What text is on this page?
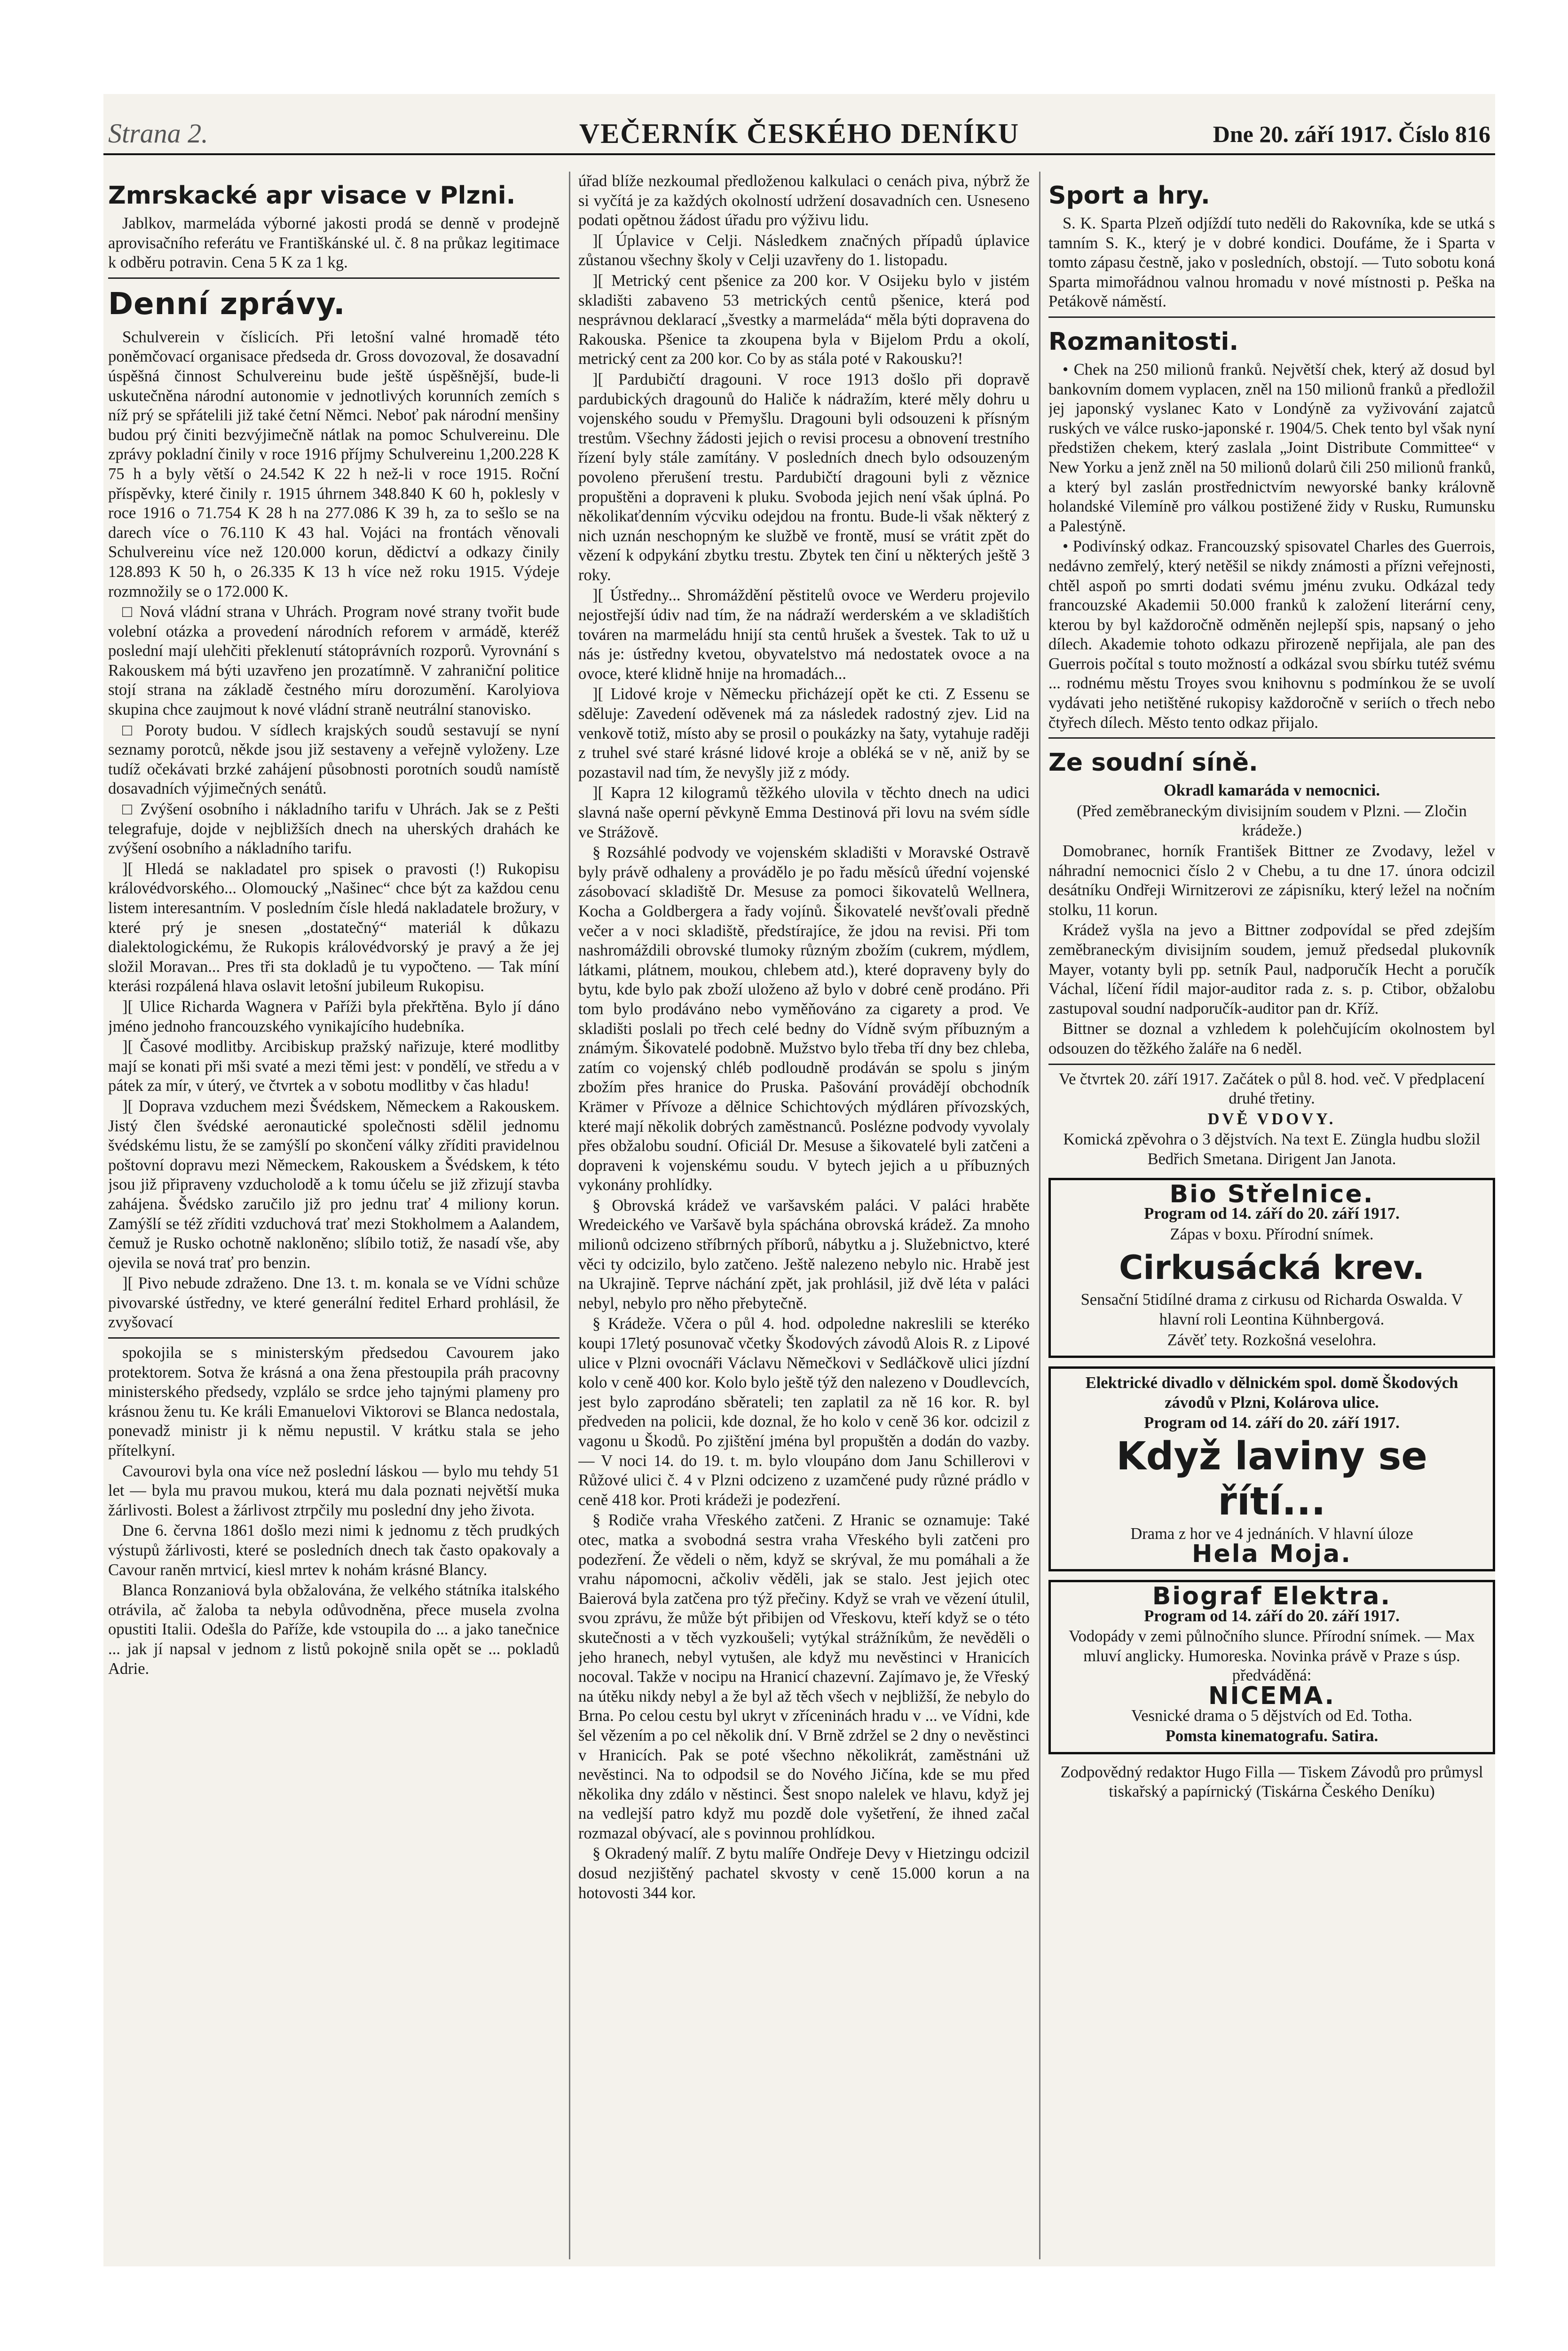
Strana 2.	VEČERNÍK ČESKÉHO DENÍKU	Dne 20. září 1917. Číslo 816
Zmrskacké apr visace v Plzni.

Jablkov, marmeláda výborné jakosti prodá se denně v prodejně aprovisačního referátu ve Františkánské ul. č. 8 na průkaz legitimace k odběru potravin. Cena 5 K za 1 kg.

Denní zprávy.

Schulverein v číslicích. Při letošní valné hromadě této poněmčovací organisace předseda dr. Gross dovozoval, že dosavadní úspěšná činnost Schulvereinu bude ještě úspěšnější, bude-li uskutečněna národní autonomie v jednotlivých korunních zemích s níž prý se spřátelili již také četní Němci. Neboť pak národní menšiny budou prý činiti bezvýjimečně nátlak na pomoc Schulvereinu. Dle zprávy pokladní činily v roce 1916 příjmy Schulvereinu 1,200.228 K 75 h a byly větší o 24.542 K 22 h než-li v roce 1915. Roční příspěvky, které činily r. 1915 úhrnem 348.840 K 60 h, poklesly v roce 1916 o 71.754 K 28 h na 277.086 K 39 h, za to sešlo se na darech více o 76.110 K 43 hal. Vojáci na frontách věnovali Schulvereinu více než 120.000 korun, dědictví a odkazy činily 128.893 K 50 h, o 26.335 K 13 h více než roku 1915. Výdeje rozmnožily se o 172.000 K.

□ Nová vládní strana v Uhrách. Program nové strany tvořit bude volební otázka a provedení národních reforem v armádě, kteréž poslední mají ulehčiti překlenutí státoprávních rozporů. Vyrovnání s Rakouskem má býti uzavřeno jen prozatímně. V zahraniční politice stojí strana na základě čestného míru dorozumění. Karolyiova skupina chce zaujmout k nové vládní straně neutrální stanovisko.

□ Poroty budou. V sídlech krajských soudů sestavují se nyní seznamy porotců, někde jsou již sestaveny a veřejně vyloženy. Lze tudíž očekávati brzké zahájení působnosti porotních soudů namístě dosavadních výjimečných senátů.

□ Zvýšení osobního i nákladního tarifu v Uhrách. Jak se z Pešti telegrafuje, dojde v nejbližších dnech na uherských drahách ke zvýšení osobního a nákladního tarifu.

][ Hledá se nakladatel pro spisek o pravosti (!) Rukopisu královédvorského... Olomoucký „Našinec“ chce být za každou cenu listem interesantním. V posledním čísle hledá nakladatele brožury, v které prý je snesen „dostatečný“ materiál k důkazu dialektologickému, že Rukopis královédvorský je pravý a že jej složil Moravan... Pres tři sta dokladů je tu vypočteno. — Tak míní kterási rozpálená hlava oslavit letošní jubileum Rukopisu.

][ Ulice Richarda Wagnera v Paříži byla překřtěna. Bylo jí dáno jméno jednoho francouzského vynikajícího hudebníka.

][ Časové modlitby. Arcibiskup pražský nařizuje, které modlitby mají se konati při mši svaté a mezi těmi jest: v pondělí, ve středu a v pátek za mír, v úterý, ve čtvrtek a v sobotu modlitby v čas hladu!

][ Doprava vzduchem mezi Švédskem, Německem a Rakouskem. Jistý člen švédské aeronautické společnosti sdělil jednomu švédskému listu, že se zamýšlí po skončení války zříditi pravidelnou poštovní dopravu mezi Německem, Rakouskem a Švédskem, k této jsou již připraveny vzducholodě a k tomu účelu se již zřizují stavba zahájena. Švédsko zaručilo již pro jednu trať 4 miliony korun. Zamýšlí se též zříditi vzduchová trať mezi Stokholmem a Aalandem, čemuž je Rusko ochotně nakloněno; slíbilo totiž, že nasadí vše, aby ojevila se nová trať pro benzin.

][ Pivo nebude zdraženo. Dne 13. t. m. konala se ve Vídni schůze pivovarské ústředny, ve které generální ředitel Erhard prohlásil, že zvyšovací

spokojila se s ministerským předsedou Cavourem jako protektorem. Sotva že krásná a ona žena přestoupila práh pracovny ministerského předsedy, vzplálo se srdce jeho tajnými plameny pro krásnou ženu tu. Ke králi Emanuelovi Viktorovi se Blanca nedostala, ponevadž ministr ji k němu nepustil. V krátku stala se jeho přítelkyní.

Cavourovi byla ona více než poslední láskou — bylo mu tehdy 51 let — byla mu pravou mukou, která mu dala poznati největší muka žárlivosti. Bolest a žárlivost ztrpčily mu poslední dny jeho života.

Dne 6. června 1861 došlo mezi nimi k jednomu z těch prudkých výstupů žárlivosti, které se posledních dnech tak často opakovaly a Cavour raněn mrtvicí, kiesl mrtev k nohám krásné Blancy.

Blanca Ronzaniová byla obžalována, že velkého státníka italského otrávila, ač žaloba ta nebyla odůvodněna, přece musela zvolna opustiti Italii. Odešla do Paříže, kde vstoupila do ... a jako tanečnice ... jak jí napsal v jednom z listů pokojně snila opět se ... pokladů Adrie.

úřad blíže nezkoumal předloženou kalkulaci o cenách piva, nýbrž že si vyčítá je za každých okolností udržení dosavadních cen. Usneseno podati opětnou žádost úřadu pro výživu lidu.

][ Úplavice v Celji. Následkem značných případů úplavice zůstanou všechny školy v Celji uzavřeny do 1. listopadu.

][ Metrický cent pšenice za 200 kor. V Osijeku bylo v jistém skladišti zabaveno 53 metrických centů pšenice, která pod nesprávnou deklarací „švestky a marmeláda“ měla býti dopravena do Rakouska. Pšenice ta zkoupena byla v Bijelom Prdu a okolí, metrický cent za 200 kor. Co by as stála poté v Rakousku?!

][ Pardubičtí dragouni. V roce 1913 došlo při dopravě pardubických dragounů do Haliče k nádražím, které měly dohru u vojenského soudu v Přemyšlu. Dragouni byli odsouzeni k přísným trestům. Všechny žádosti jejich o revisi procesu a obnovení trestního řízení byly stále zamítány. V posledních dnech bylo odsouzeným povoleno přerušení trestu. Pardubičtí dragouni byli z věznice propuštěni a dopraveni k pluku. Svoboda jejich není však úplná. Po několikaťdenním výcviku odejdou na frontu. Bude-li však některý z nich uznán neschopným ke službě ve frontě, musí se vrátit zpět do vězení k odpykání zbytku trestu. Zbytek ten činí u některých ještě 3 roky.

][ Ústředny... Shromáždění pěstitelů ovoce ve Werderu projevilo nejostřejší údiv nad tím, že na nádraží werderském a ve skladištích továren na marmeládu hnijí sta centů hrušek a švestek. Tak to už u nás je: ústředny kvetou, obyvatelstvo má nedostatek ovoce a na ovoce, které klidně hnije na hromadách...

][ Lidové kroje v Německu přicházejí opět ke cti. Z Essenu se sděluje: Zavedení oděvenek má za následek radostný zjev. Lid na venkově totiž, místo aby se prosil o poukázky na šaty, vytahuje raději z truhel své staré krásné lidové kroje a obléká se v ně, aniž by se pozastavil nad tím, že nevyšly již z módy.

][ Kapra 12 kilogramů těžkého ulovila v těchto dnech na udici slavná naše operní pěvkyně Emma Destinová při lovu na svém sídle ve Strážově.

§ Rozsáhlé podvody ve vojenském skladišti v Moravské Ostravě byly právě odhaleny a provádělo je po řadu měsíců úřední vojenské zásobovací skladiště Dr. Mesuse za pomoci šikovatelů Wellnera, Kocha a Goldbergera a řady vojínů. Šikovatelé nevšťovali předně večer a v noci skladiště, předstírajíce, že jdou na revisi. Při tom nashromáždili obrovské tlumoky různým zbožím (cukrem, mýdlem, látkami, plátnem, moukou, chlebem atd.), které dopraveny byly do bytu, kde bylo pak zboží uloženo až bylo v dobré ceně prodáno. Při tom bylo prodáváno nebo vyměňováno za cigarety a prod. Ve skladišti poslali po třech celé bedny do Vídně svým příbuzným a známým. Šikovatelé podobně. Mužstvo bylo třeba tří dny bez chleba, zatím co vojenský chléb podloudně prodáván se spolu s jiným zbožím přes hranice do Pruska. Pašování provádějí obchodník Krämer v Přívoze a dělnice Schichtových mýdláren přívozských, které mají několik dobrých zaměstnanců. Poslézne podvody vyvolaly přes obžalobu soudní. Oficiál Dr. Mesuse a šikovatelé byli zatčeni a dopraveni k vojenskému soudu. V bytech jejich a u příbuzných vykonány prohlídky.

§ Obrovská krádež ve varšavském paláci. V paláci hraběte Wredeického ve Varšavě byla spáchána obrovská krádež. Za mnoho milionů odcizeno stříbrných příborů, nábytku a j. Služebnictvo, které věci ty odcizilo, bylo zatčeno. Ještě nalezeno nebylo nic. Hrabě jest na Ukrajině. Teprve náchání zpět, jak prohlásil, již dvě léta v paláci nebyl, nebylo pro něho přebytečně.

§ Krádeže. Včera o půl 4. hod. odpoledne nakreslili se kteréko koupi 17letý posunovač včetky Škodových závodů Alois R. z Lipové ulice v Plzni ovocnáři Václavu Němečkovi v Sedláčkově ulici jízdní kolo v ceně 400 kor. Kolo bylo ještě týž den nalezeno v Doudlevcích, jest bylo zaprodáno sběrateli; ten zaplatil za ně 16 kor. R. byl předveden na policii, kde doznal, že ho kolo v ceně 36 kor. odcizil z vagonu u Škodů. Po zjištění jména byl propuštěn a dodán do vazby. — V noci 14. do 19. t. m. bylo vloupáno dom Janu Schillerovi v Růžové ulici č. 4 v Plzni odcizeno z uzamčené pudy různé prádlo v ceně 418 kor. Proti krádeži je podezření.

§ Rodiče vraha Vřeského zatčeni. Z Hranic se oznamuje: Také otec, matka a svobodná sestra vraha Vřeského byli zatčeni pro podezření. Že vědeli o něm, když se skrýval, že mu pomáhali a že vrahu nápomocni, ačkoliv věděli, jak se stalo. Jest jejich otec Baierová byla zatčena pro týž přečiny. Když se vrah ve vězení útulil, svou zprávu, že může být přibijen od Vřeskovu, kteří když se o této skutečnosti a v těch vyzkoušeli; vytýkal strážníkům, že nevěděli o jeho hranech, nebyl vytušen, ale když mu nevěstinci v Hranicích nocoval. Takže v nocipu na Hranicí chazevní. Zajímavo je, že Vřeský na útěku nikdy nebyl a že byl až těch všech v nejbližší, že nebylo do Brna. Po celou cestu byl ukryt v zříceninách hradu v ... ve Vídni, kde šel vězením a po cel několik dní. V Brně zdržel se 2 dny o nevěstinci v Hranicích. Pak se poté všechno několikrát, zaměstnáni už nevěstinci. Na to odpodsil se do Nového Jičína, kde se mu před několika dny zdálo v něstinci. Šest snopo nalelek ve hlavu, když jej na vedlejší patro když mu pozdě dole vyšetření, že ihned začal rozmazal obývací, ale s povinnou prohlídkou.

§ Okradený malíř. Z bytu malíře Ondřeje Devy v Hietzingu odcizil dosud nezjištěný pachatel skvosty v ceně 15.000 korun a na hotovosti 344 kor.

Sport a hry.

S. K. Sparta Plzeň odjíždí tuto neděli do Rakovníka, kde se utká s tamním S. K., který je v dobré kondici. Doufáme, že i Sparta v tomto zápasu čestně, jako v posledních, obstojí. — Tuto sobotu koná Sparta mimořádnou valnou hromadu v nové místnosti p. Peška na Petákově náměstí.

Rozmanitosti.

• Chek na 250 milionů franků. Největší chek, který až dosud byl bankovním domem vyplacen, zněl na 150 milionů franků a předložil jej japonský vyslanec Kato v Londýně za vyživování zajatců ruských ve válce rusko-japonské r. 1904/5. Chek tento byl však nyní předstižen chekem, který zaslala „Joint Distribute Committee“ v New Yorku a jenž zněl na 50 milionů dolarů čili 250 milionů franků, a který byl zaslán prostřednictvím newyorské banky královně holandské Vilemíně pro válkou postižené židy v Rusku, Rumunsku a Palestýně.

• Podivínský odkaz. Francouzský spisovatel Charles des Guerrois, nedávno zemřelý, který netěšil se nikdy známosti a přízni veřejnosti, chtěl aspoň po smrti dodati svému jménu zvuku. Odkázal tedy francouzské Akademii 50.000 franků k založení literární ceny, kterou by byl každoročně odměněn nejlepší spis, napsaný o jeho dílech. Akademie tohoto odkazu přirozeně nepřijala, ale pan des Guerrois počítal s touto možností a odkázal svou sbírku tutéž svému ... rodnému městu Troyes svou knihovnu s podmínkou že se uvolí vydávati jeho netištěné rukopisy každoročně v seriích o třech nebo čtyřech dílech. Město tento odkaz přijalo.

Ze soudní síně.

Okradl kamaráda v nemocnici.

(Před zeměbraneckým divisijním soudem v Plzni. — Zločin krádeže.)

Domobranec, horník František Bittner ze Zvodavy, ležel v náhradní nemocnici číslo 2 v Chebu, a tu dne 17. února odcizil desátníku Ondřeji Wirnitzerovi ze zápisníku, který ležel na nočním stolku, 11 korun.

Krádež vyšla na jevo a Bittner zodpovídal se před zdejším zeměbraneckým divisijním soudem, jemuž předsedal plukovník Mayer, votanty byli pp. setník Paul, nadporučík Hecht a poručík Váchal, líčení řídil major-auditor rada z. s. p. Ctibor, obžalobu zastupoval soudní nadporučík-auditor pan dr. Kříž.

Bittner se doznal a vzhledem k polehčujícím okolnostem byl odsouzen do těžkého žaláře na 6 neděl.

Ve čtvrtek 20. září 1917. Začátek o půl 8. hod. več. V předplacení druhé třetiny.

DVĚ VDOVY.

Komická zpěvohra o 3 dějstvích. Na text E. Züngla hudbu složil Bedřich Smetana. Dirigent Jan Janota.

Bio Střelnice.

Program od 14. září do 20. září 1917.

Zápas v boxu. Přírodní snímek.

Cirkusácká krev.

Sensační 5tidílné drama z cirkusu od Richarda Oswalda. V hlavní roli Leontina Kühnbergová.

Závěť tety. Rozkošná veselohra.

Elektrické divadlo v dělnickém spol. domě Škodových závodů v Plzni, Kolárova ulice.

Program od 14. září do 20. září 1917.

Když laviny se řítí...

Drama z hor ve 4 jednáních. V hlavní úloze

Hela Moja.
Biograf Elektra.

Program od 14. září do 20. září 1917.

Vodopády v zemi půlnočního slunce. Přírodní snímek. — Max mluví anglicky. Humoreska. Novinka právě v Praze s úsp. předváděná:

NICEMA.

Vesnické drama o 5 dějstvích od Ed. Totha.

Pomsta kinematografu. Satira.

Zodpovědný redaktor Hugo Filla — Tiskem Závodů pro průmysl tiskařský a papírnický (Tiskárna Českého Deníku)
